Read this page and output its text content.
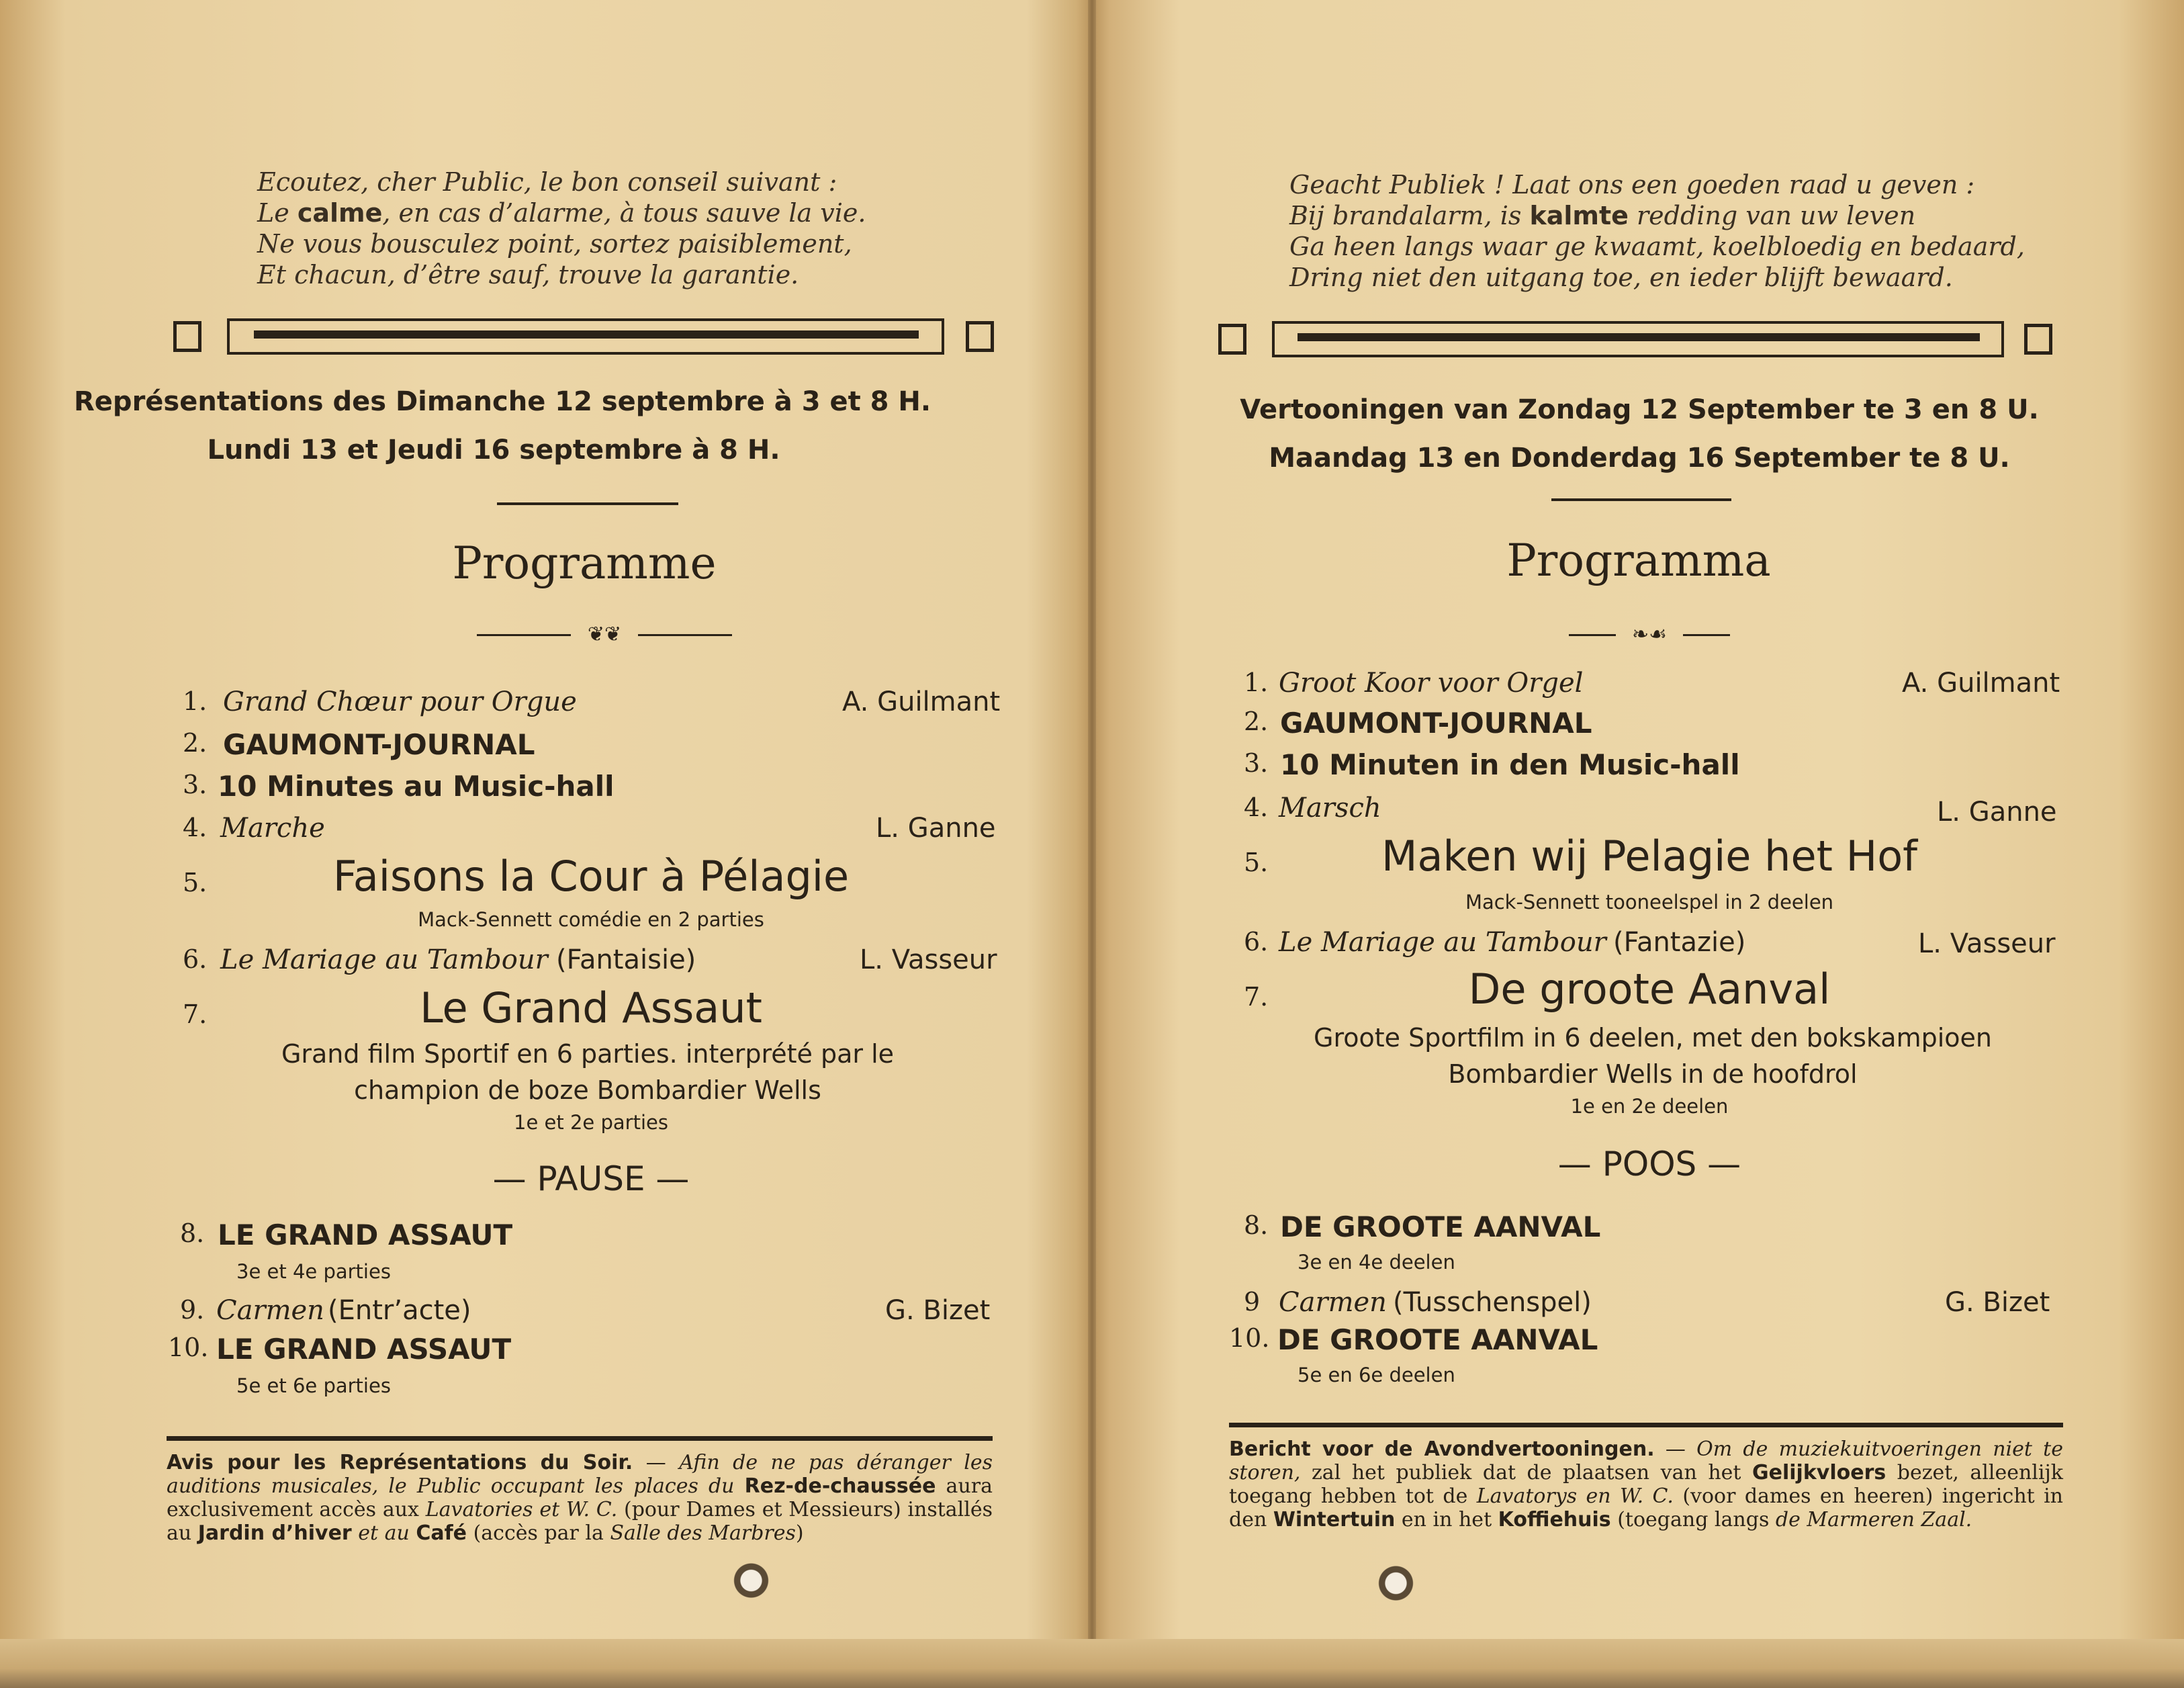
Ecoutez, cher Public, le bon conseil suivant :
Le calme, en cas d’alarme, à tous sauve la vie.
Ne vous bousculez point, sortez paisiblement,
Et chacun, d’être sauf, trouve la garantie.
Représentations des Dimanche 12 septembre à 3 et 8 H.
Lundi 13 et Jeudi 16 septembre à 8 H.
Programme
❦❦
1. Grand Chœur pour Orgue	A. Guilmant
2. GAUMONT-JOURNAL
3. 10 Minutes au Music-hall
4. Marche	L. Ganne
5.	Faisons la Cour à Pélagie
Mack-Sennett comédie en 2 parties
6. Le Mariage au Tambour (Fantaisie)	L. Vasseur
7.	Le Grand Assaut
Grand film Sportif en 6 parties. interprété par le
champion de boze Bombardier Wells
1e et 2e parties
— PAUSE —
8. LE GRAND ASSAUT
3e et 4e parties
9. Carmen (Entr’acte)	G. Bizet
10. LE GRAND ASSAUT
5e et 6e parties
Avis pour les Représentations du Soir. — Afin de ne pas déranger les auditions musicales, le Public occupant les places du Rez-de-chaussée aura exclusivement accès aux Lavatories et W. C. (pour Dames et Messieurs) installés au Jardin d’hiver et au Café (accès par la Salle des Marbres)
Geacht Publiek ! Laat ons een goeden raad u geven :
Bij brandalarm, is kalmte redding van uw leven
Ga heen langs waar ge kwaamt, koelbloedig en bedaard,
Dring niet den uitgang toe, en ieder blijft bewaard.
Vertooningen van Zondag 12 September te 3 en 8 U.
Maandag 13 en Donderdag 16 September te 8 U.
Programma
❧☙
1. Groot Koor voor Orgel	A. Guilmant
2. GAUMONT-JOURNAL
3. 10 Minuten in den Music-hall
4. Marsch	L. Ganne
5.	Maken wij Pelagie het Hof
Mack-Sennett tooneelspel in 2 deelen
6. Le Mariage au Tambour (Fantazie)	L. Vasseur
7.	De groote Aanval
Groote Sportfilm in 6 deelen, met den bokskampioen
Bombardier Wells in de hoofdrol
1e en 2e deelen
— POOS —
8. DE GROOTE AANVAL
3e en 4e deelen
9 Carmen (Tusschenspel)	G. Bizet
10. DE GROOTE AANVAL
5e en 6e deelen
Bericht voor de Avondvertooningen. — Om de muziekuitvoeringen niet te storen, zal het publiek dat de plaatsen van het Gelijkvloers bezet, alleenlijk toegang hebben tot de Lavatorys en W. C. (voor dames en heeren) ingericht in den Wintertuin en in het Koffiehuis (toegang langs de Marmeren Zaal.
